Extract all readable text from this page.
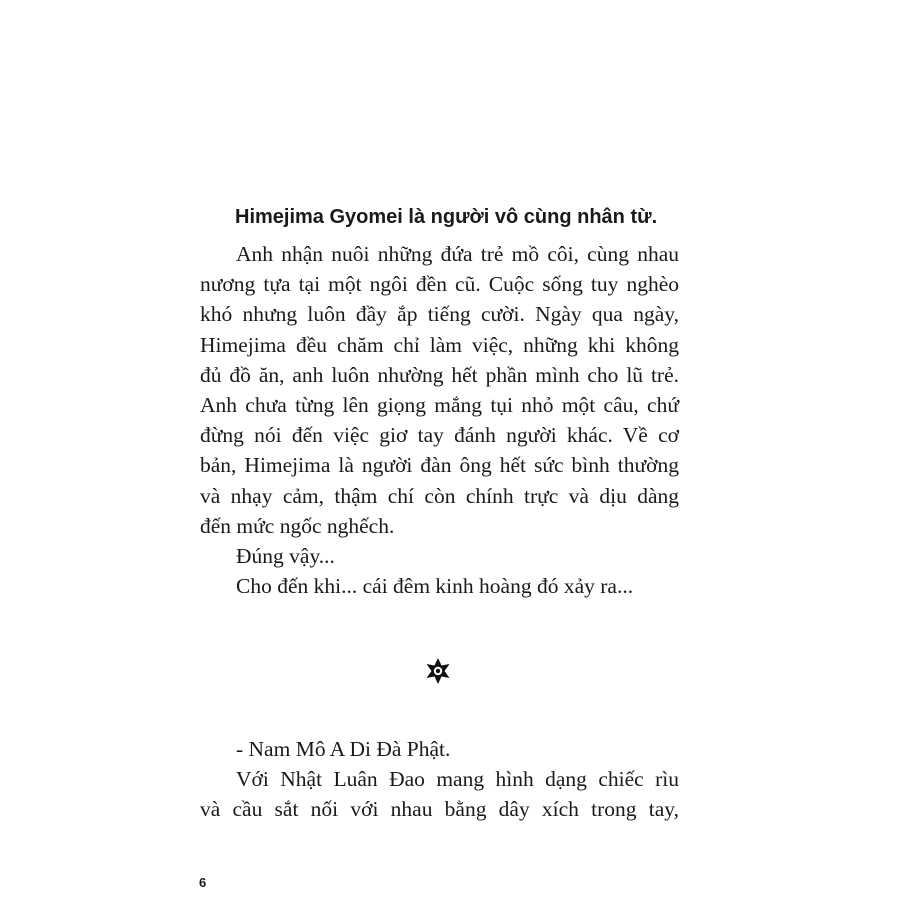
Himejima Gyomei là người vô cùng nhân từ.
Anh nhận nuôi những đứa trẻ mồ côi, cùng nhau
nương tựa tại một ngôi đền cũ. Cuộc sống tuy nghèo
khó nhưng luôn đầy ắp tiếng cười. Ngày qua ngày,
Himejima đều chăm chỉ làm việc, những khi không
đủ đồ ăn, anh luôn nhường hết phần mình cho lũ trẻ.
Anh chưa từng lên giọng mắng tụi nhỏ một câu, chứ
đừng nói đến việc giơ tay đánh người khác. Về cơ
bản, Himejima là người đàn ông hết sức bình thường
và nhạy cảm, thậm chí còn chính trực và dịu dàng
đến mức ngốc nghếch.
Đúng vậy...
Cho đến khi... cái đêm kinh hoàng đó xảy ra...
- Nam Mô A Di Đà Phật.
Với Nhật Luân Đao mang hình dạng chiếc rìu
và cầu sắt nối với nhau bằng dây xích trong tay,
6
